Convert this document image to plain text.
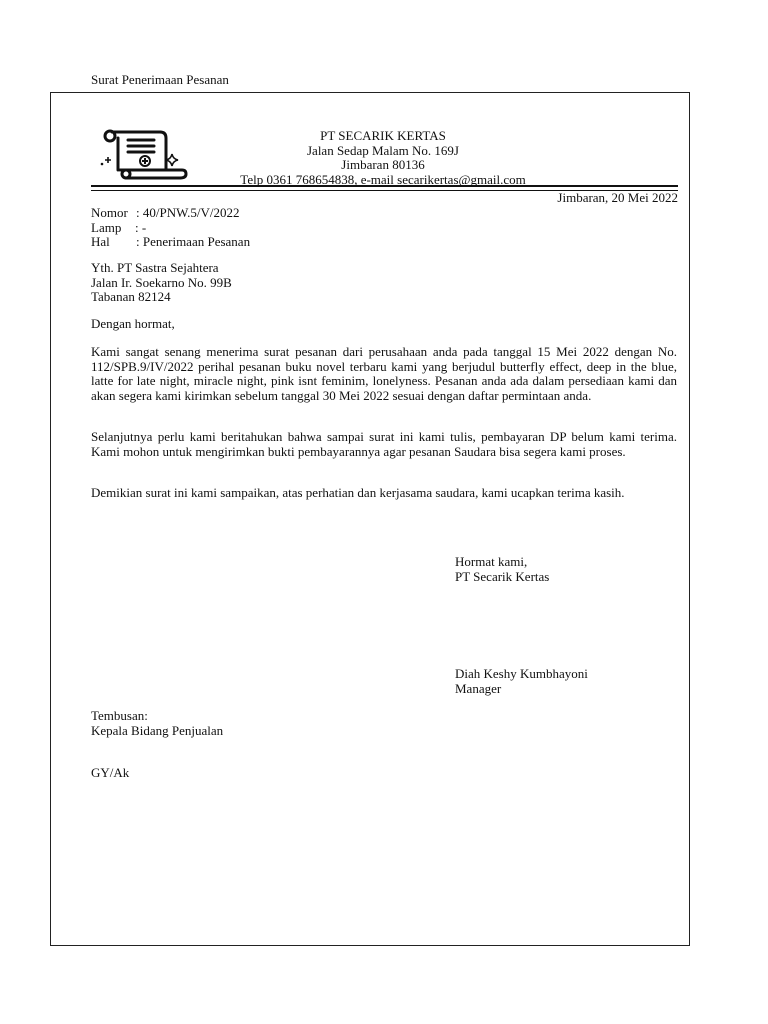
Surat Penerimaan Pesanan
PT SECARIK KERTAS
Jalan Sedap Malam No. 169J
Jimbaran 80136
Telp 0361 768654838, e-mail secarikertas@gmail.com
Jimbaran, 20 Mei 2022
Nomor : 40/PNW.5/V/2022
Lamp : -
Hal : Penerimaan Pesanan
Yth. PT Sastra Sejahtera
Jalan Ir. Soekarno No. 99B
Tabanan 82124
Dengan hormat,
Kami sangat senang menerima surat pesanan dari perusahaan anda pada tanggal 15 Mei 2022 dengan No. 112/SPB.9/IV/2022 perihal pesanan buku novel terbaru kami yang berjudul butterfly effect, deep in the blue, latte for late night, miracle night, pink isnt feminim, lonelyness. Pesanan anda ada dalam persediaan kami dan akan segera kami kirimkan sebelum tanggal 30 Mei 2022 sesuai dengan daftar permintaan anda.
Selanjutnya perlu kami beritahukan bahwa sampai surat ini kami tulis, pembayaran DP belum kami terima. Kami mohon untuk mengirimkan bukti pembayarannya agar pesanan Saudara bisa segera kami proses.
Demikian surat ini kami sampaikan, atas perhatian dan kerjasama saudara, kami ucapkan terima kasih.
Hormat kami,
PT Secarik Kertas
Diah Keshy Kumbhayoni
Manager
Tembusan:
Kepala Bidang Penjualan
GY/Ak
